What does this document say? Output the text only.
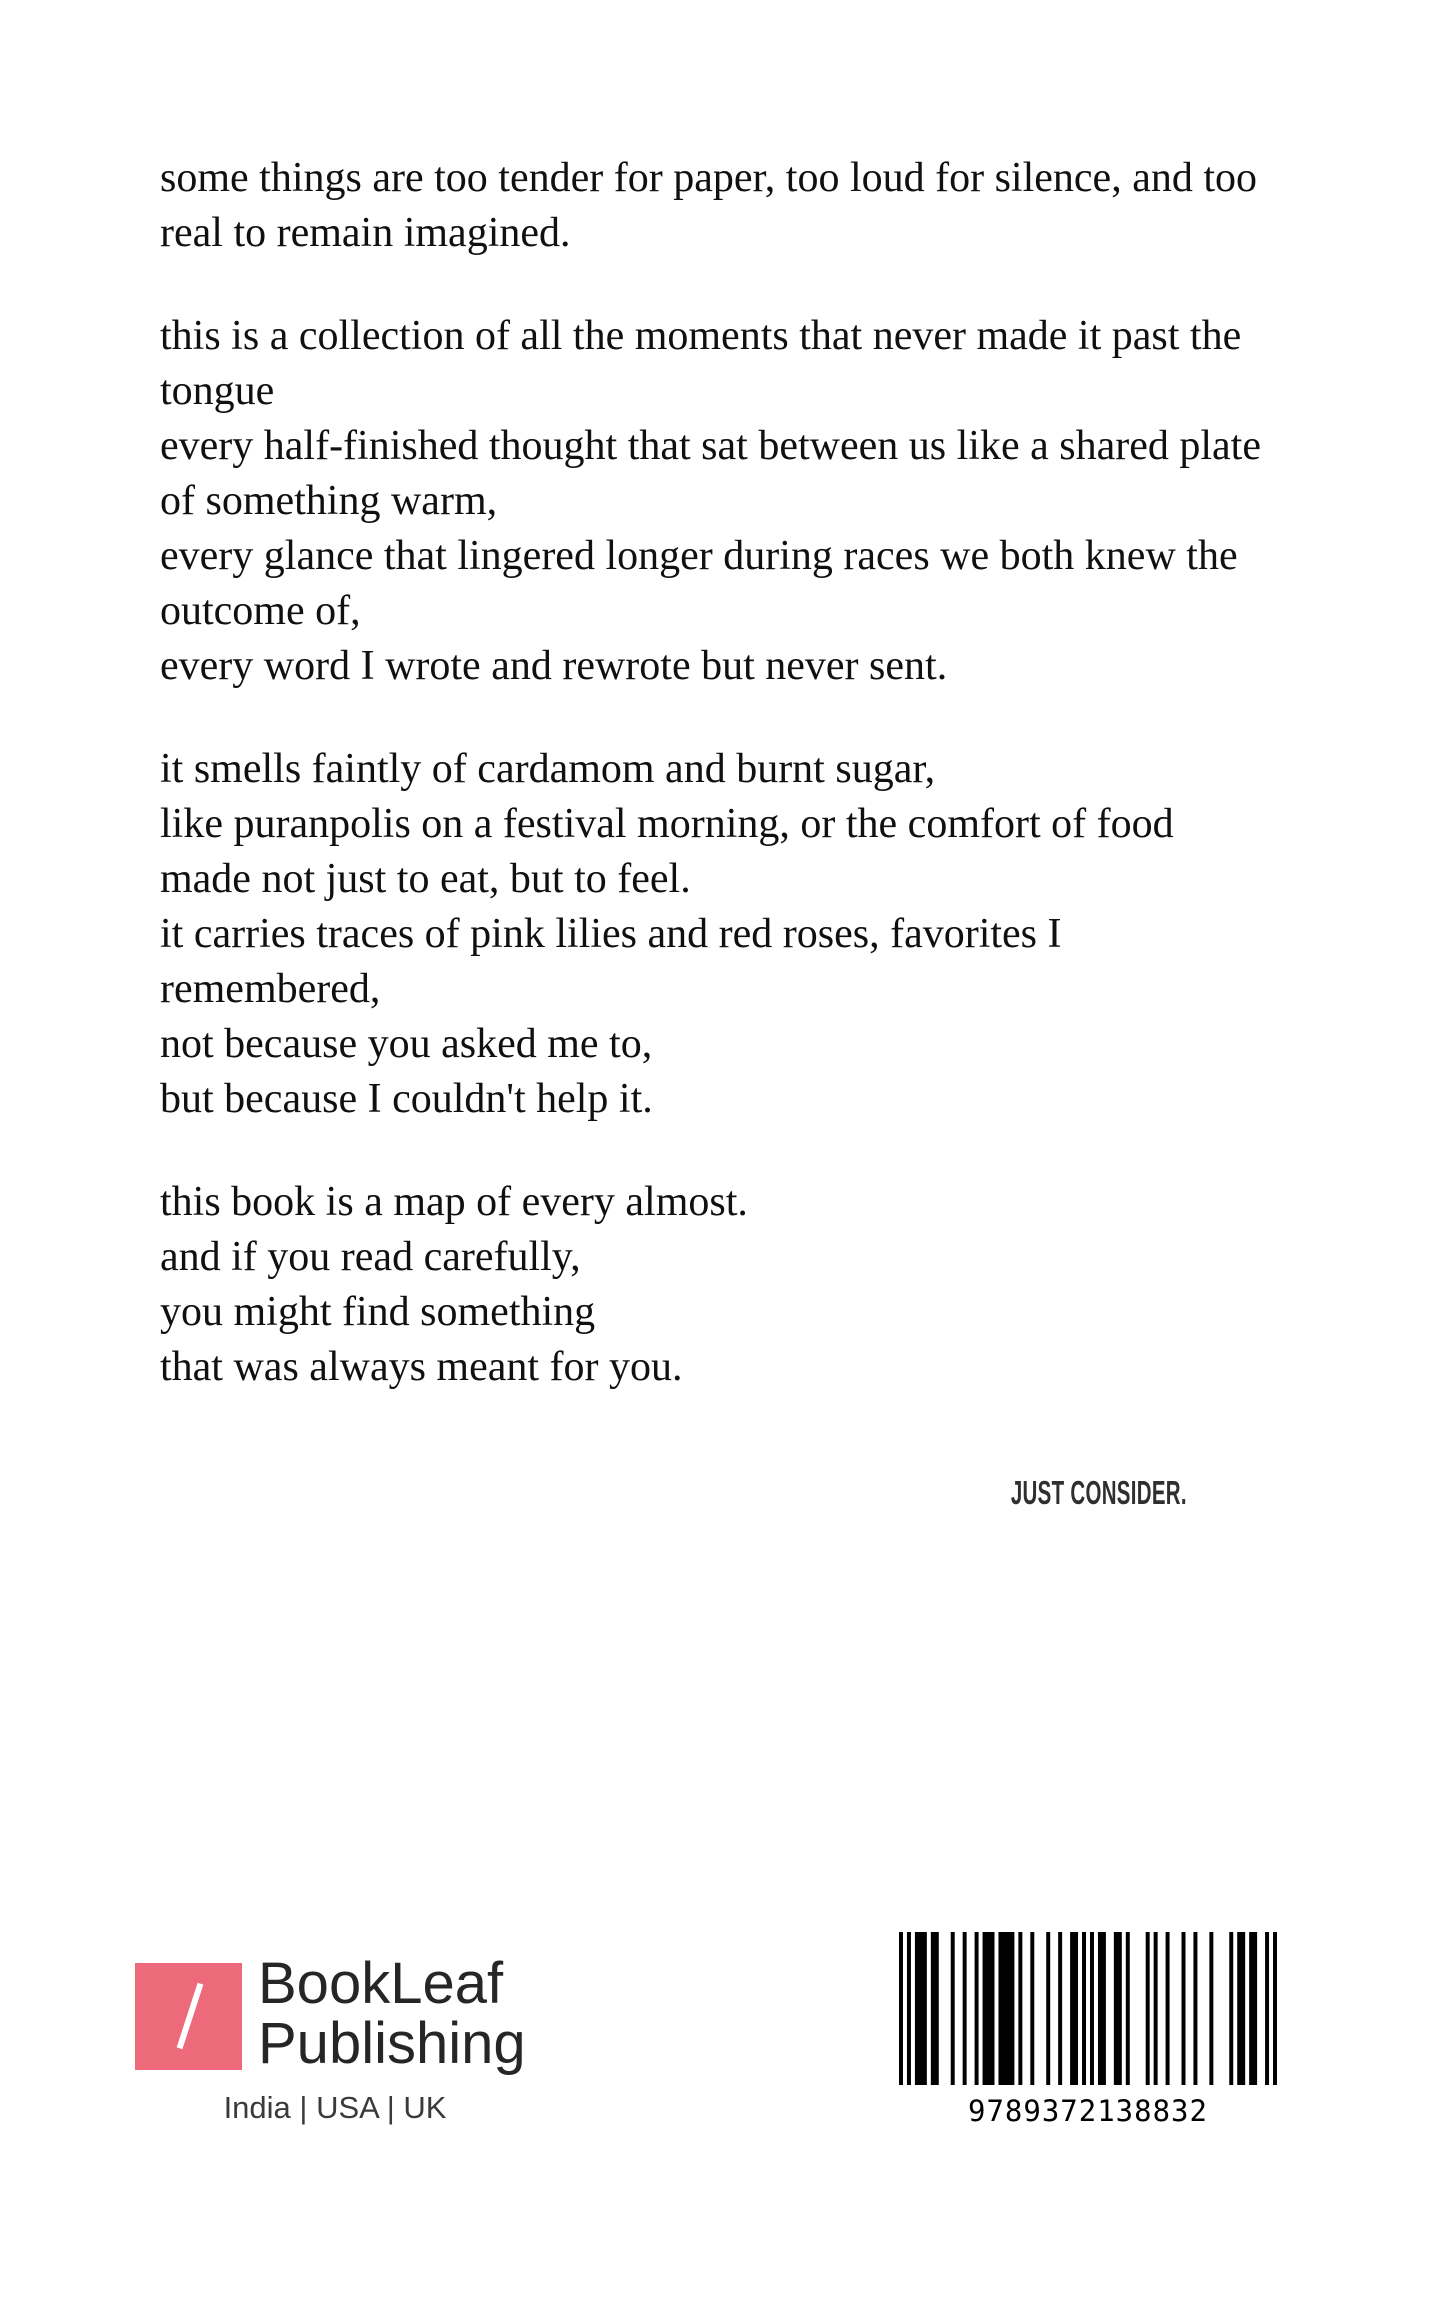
some things are too tender for paper, too loud for silence, and too
real to remain imagined.
this is a collection of all the moments that never made it past the
tongue
every half-finished thought that sat between us like a shared plate
of something warm,
every glance that lingered longer during races we both knew the
outcome of,
every word I wrote and rewrote but never sent.
it smells faintly of cardamom and burnt sugar,
like puranpolis on a festival morning, or the comfort of food
made not just to eat, but to feel.
it carries traces of pink lilies and red roses, favorites I
remembered,
not because you asked me to,
but because I couldn't help it.
this book is a map of every almost.
and if you read carefully,
you might find something
that was always meant for you.
JUST CONSIDER.
BookLeaf
Publishing
India | USA | UK	9789372138832
